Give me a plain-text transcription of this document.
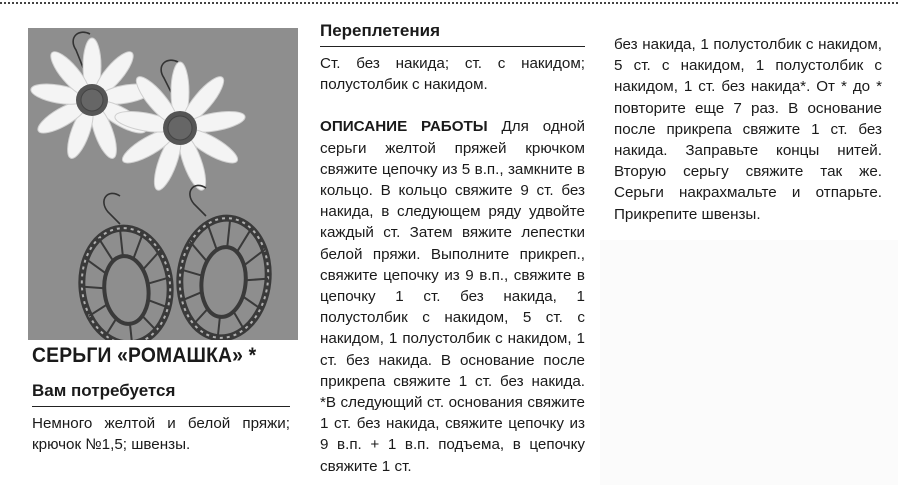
СЕРЬГИ «РОМАШКА» *
Вам потребуется

Немного желтой и белой пряжи; крючок №1,5; швензы.

Переплетения

Ст. без накида; ст. с накидом; полустолбик с накидом.

ОПИСАНИЕ РАБОТЫ Для одной серьги желтой пряжей крючком свяжите цепочку из 5 в.п., замкните в кольцо. В кольцо свяжите 9 ст. без накида, в следующем ряду удвойте каждый ст. Затем вяжите лепестки белой пряжи. Выполните прикреп., свяжите цепочку из 9 в.п., свяжите в цепочку 1 ст. без накида, 1 полустолбик с накидом, 5 ст. с накидом, 1 полустолбик с накидом, 1 ст. без накида. В основание после прикрепа свяжите 1 ст. без накида. *В следующий ст. основания свяжите 1 ст. без накида, свяжите цепочку из 9 в.п. + 1 в.п. подъема, в цепочку свяжите 1 ст.

без накида, 1 полустолбик с накидом, 5 ст. с накидом, 1 полустолбик с накидом, 1 ст. без накида*. От * до * повторите еще 7 раз. В основание после прикрепа свяжите 1 ст. без накида. Заправьте концы нитей. Вторую серьгу свяжите так же. Серьги накрахмальте и отпарьте. Прикрепите швензы.
